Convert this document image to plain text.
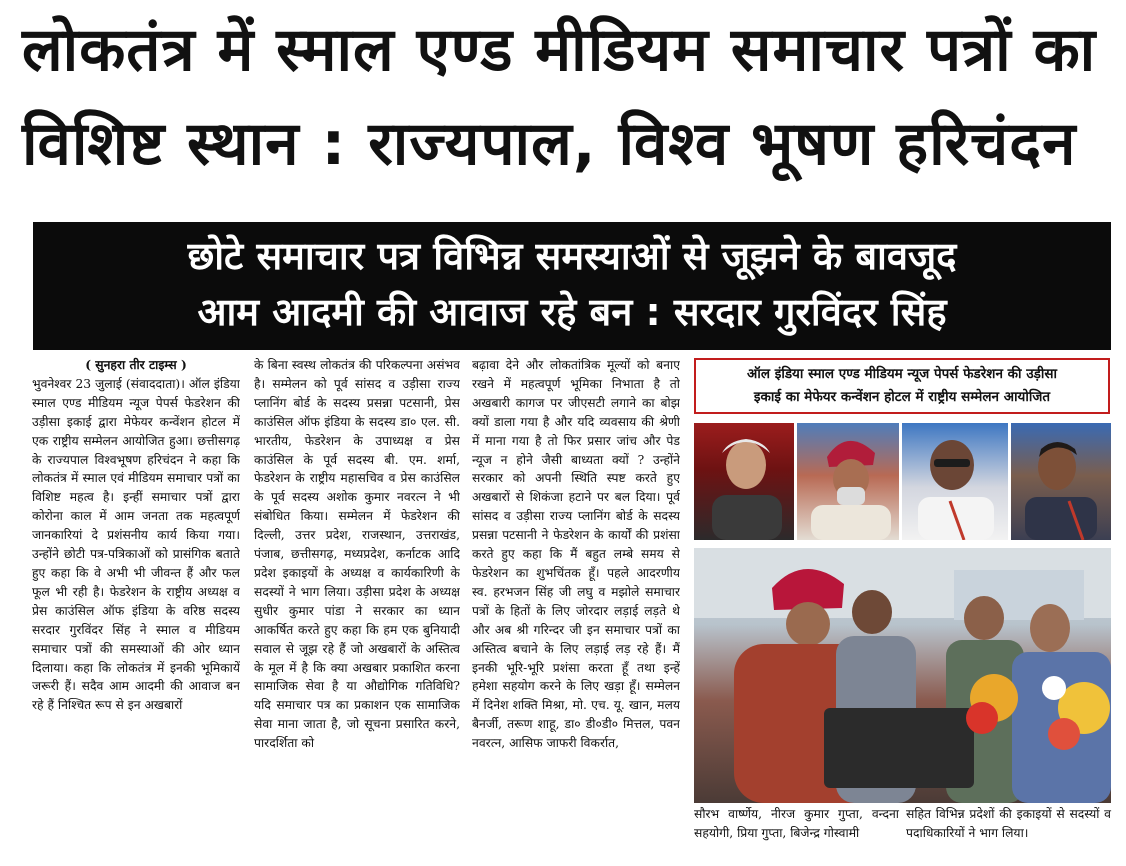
लोकतंत्र में स्माल एण्ड मीडियम समाचार पत्रों का
विशिष्ट स्थान : राज्यपाल, विश्व भूषण हरिचंदन
छोटे समाचार पत्र विभिन्न समस्याओं से जूझने के बावजूद
आम आदमी की आवाज रहे बन : सरदार गुरविंदर सिंह
( सुनहरा तीर टाइम्स )
भुवनेश्वर 23 जुलाई (संवाददाता)। ऑल इंडिया स्माल एण्ड मीडियम न्यूज पेपर्स फेडरेशन की उड़ीसा इकाई द्वारा मेफेयर कन्वेंशन होटल में एक राष्ट्रीय सम्मेलन आयोजित हुआ। छत्तीसगढ़ के राज्यपाल विश्वभूषण हरिचंदन ने कहा कि लोकतंत्र में स्माल एवं मीडियम समाचार पत्रों का विशिष्ट महत्व है। इन्हीं समाचार पत्रों द्वारा कोरोना काल में आम जनता तक महत्वपूर्ण जानकारियां दे प्रशंसनीय कार्य किया गया। उन्होंने छोटी पत्र-पत्रिकाओं को प्रासंगिक बताते हुए कहा कि वे अभी भी जीवन्त हैं और फल फूल भी रही है। फेडरेशन के राष्ट्रीय अध्यक्ष व प्रेस काउंसिल ऑफ इंडिया के वरिष्ठ सदस्य सरदार गुरविंदर सिंह ने स्माल व मीडियम समाचार पत्रों की समस्याओं की ओर ध्यान दिलाया। कहा कि लोकतंत्र में इनकी भूमिकायें जरूरी हैं। सदैव आम आदमी की आवाज बन रहे हैं निश्चित रूप से इन अखबारों
के बिना स्वस्थ लोकतंत्र की परिकल्पना असंभव है। सम्मेलन को पूर्व सांसद व उड़ीसा राज्य प्लानिंग बोर्ड के सदस्य प्रसन्ना पटसानी, प्रेस काउंसिल ऑफ इंडिया के सदस्य डा० एल. सी. भारतीय, फेडरेशन के उपाध्यक्ष व प्रेस काउंसिल के पूर्व सदस्य बी. एम. शर्मा, फेडरेशन के राष्ट्रीय महासचिव व प्रेस काउंसिल के पूर्व सदस्य अशोक कुमार नवरत्न ने भी संबोधित किया। सम्मेलन में फेडरेशन की दिल्ली, उत्तर प्रदेश, राजस्थान, उत्तराखंड, पंजाब, छत्तीसगढ़, मध्यप्रदेश, कर्नाटक आदि प्रदेश इकाइयों के अध्यक्ष व कार्यकारिणी के सदस्यों ने भाग लिया। उड़ीसा प्रदेश के अध्यक्ष सुधीर कुमार पांडा ने सरकार का ध्यान आकर्षित करते हुए कहा कि हम एक बुनियादी सवाल से जूझ रहे हैं जो अखबारों के अस्तित्व के मूल में है कि क्या अखबार प्रकाशित करना सामाजिक सेवा है या औद्योगिक गतिविधि? यदि समाचार पत्र का प्रकाशन एक सामाजिक सेवा माना जाता है, जो सूचना प्रसारित करने, पारदर्शिता को
बढ़ावा देने और लोकतांत्रिक मूल्यों को बनाए रखने में महत्वपूर्ण भूमिका निभाता है तो अखबारी कागज पर जीएसटी लगाने का बोझ क्यों डाला गया है और यदि व्यवसाय की श्रेणी में माना गया है तो फिर प्रसार जांच और पेड न्यूज न होने जैसी बाध्यता क्यों ? उन्होंने सरकार को अपनी स्थिति स्पष्ट करते हुए अखबारों से शिकंजा हटाने पर बल दिया। पूर्व सांसद व उड़ीसा राज्य प्लानिंग बोर्ड के सदस्य प्रसन्ना पटसानी ने फेडरेशन के कार्यों की प्रशंसा करते हुए कहा कि मैं बहुत लम्बे समय से फेडरेशन का शुभचिंतक हूँ। पहले आदरणीय स्व. हरभजन सिंह जी लघु व मझोले समाचार पत्रों के हितों के लिए जोरदार लड़ाई लड़ते थे और अब श्री गरिन्दर जी इन समाचार पत्रों का अस्तित्व बचाने के लिए लड़ाई लड़ रहे हैं। मैं इनकी भूरि-भूरि प्रशंसा करता हूँ तथा इन्हें हमेशा सहयोग करने के लिए खड़ा हूँ। सम्मेलन में दिनेश शक्ति मिश्रा, मो. एच. यू. खान, मलय बैनर्जी, तरूण शाहू, डा० डी०डी० मित्तल, पवन नवरत्न, आसिफ जाफरी विकर्रात,
ऑल इंडिया स्माल एण्ड मीडियम न्यूज पेपर्स फेडरेशन की उड़ीसा
इकाई का मेफेयर कन्वेंशन होटल में राष्ट्रीय सम्मेलन आयोजित
सौरभ वार्ष्णेय, नीरज कुमार गुप्ता, वन्दना सहयोगी, प्रिया गुप्ता, बिजेन्द्र गोस्वामी
सहित विभिन्न प्रदेशों की इकाइयों से सदस्यों व पदाधिकारियों ने भाग लिया।
